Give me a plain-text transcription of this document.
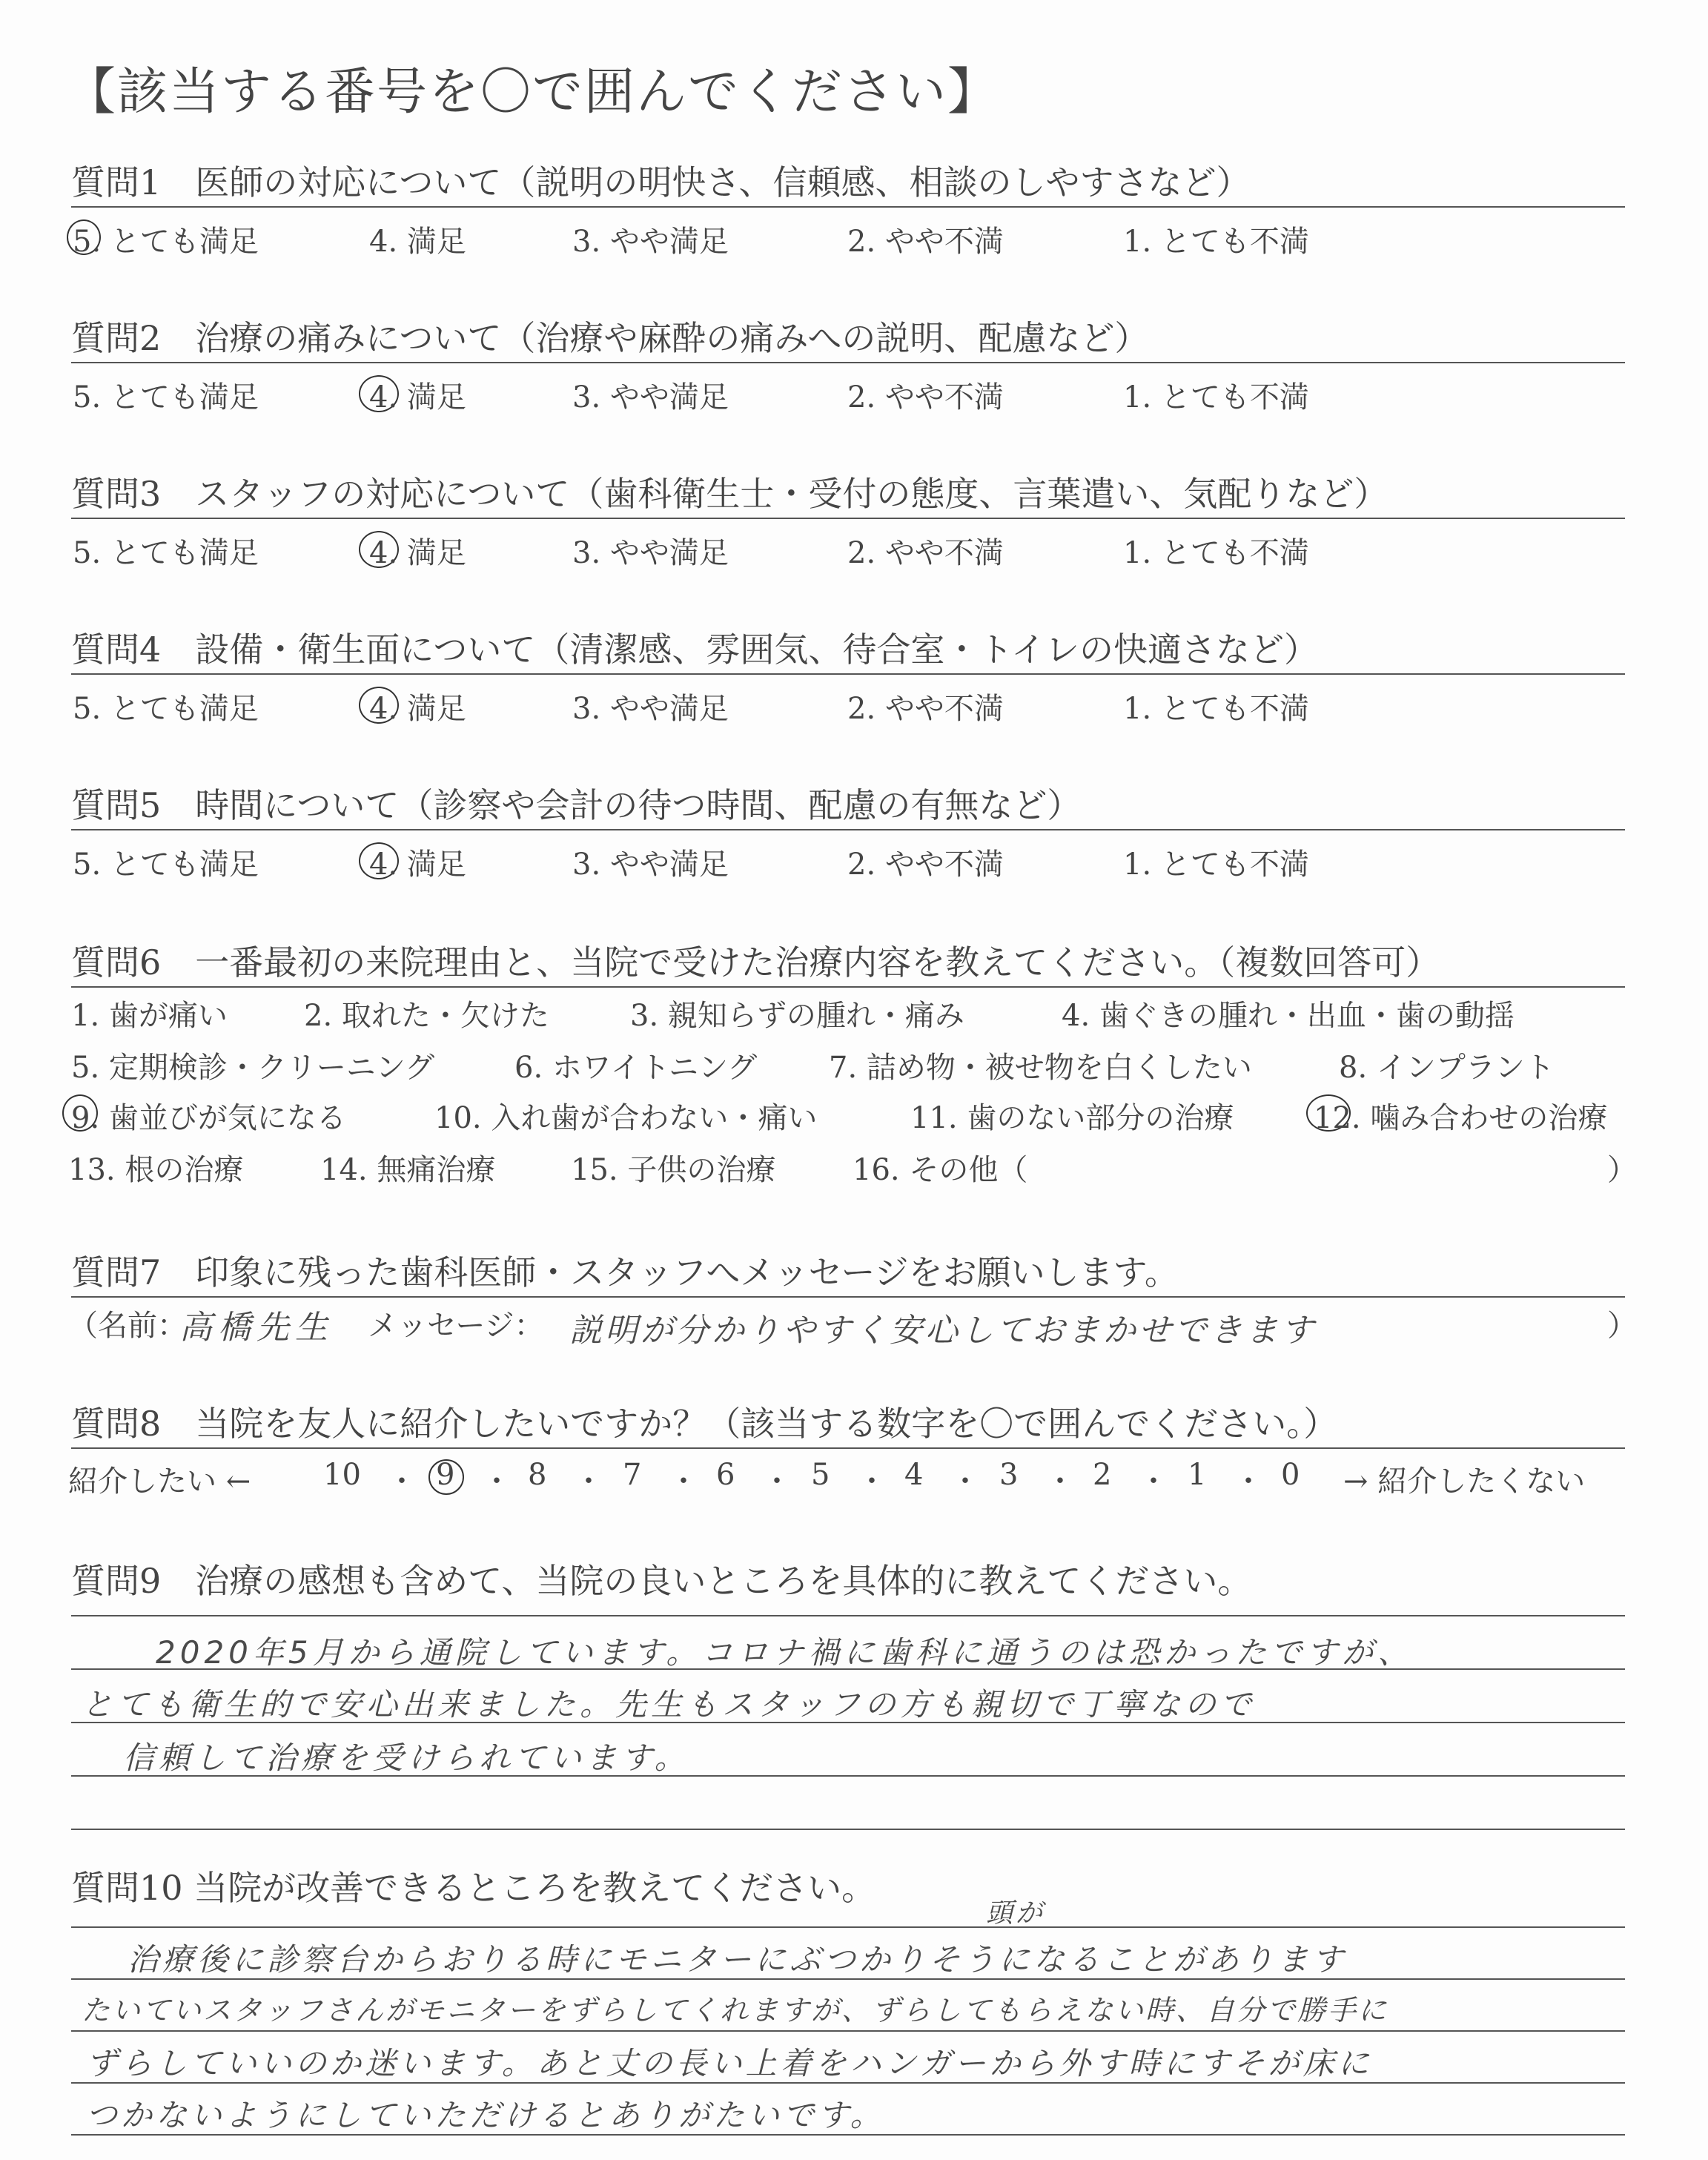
【該当する番号を〇で囲んでください】
質問1　医師の対応について（説明の明快さ、信頼感、相談のしやすさなど）
5. とても満足	4. 満足	3. やや満足	2. やや不満	1. とても不満
質問2　治療の痛みについて（治療や麻酔の痛みへの説明、配慮など）
5. とても満足	4. 満足	3. やや満足	2. やや不満	1. とても不満
質問3　スタッフの対応について（歯科衛生士・受付の態度、言葉遣い、気配りなど）
5. とても満足	4. 満足	3. やや満足	2. やや不満	1. とても不満
質問4　設備・衛生面について（清潔感、雰囲気、待合室・トイレの快適さなど）
5. とても満足	4. 満足	3. やや満足	2. やや不満	1. とても不満
質問5　時間について（診察や会計の待つ時間、配慮の有無など）
5. とても満足	4. 満足	3. やや満足	2. やや不満	1. とても不満
質問6　一番最初の来院理由と、当院で受けた治療内容を教えてください。（複数回答可）
1. 歯が痛い	2. 取れた・欠けた	3. 親知らずの腫れ・痛み	4. 歯ぐきの腫れ・出血・歯の動揺
5. 定期検診・クリーニング	6. ホワイトニング 7. 詰め物・被せ物を白くしたい	8. インプラント
9. 歯並びが気になる	10. 入れ歯が合わない・痛い	11. 歯のない部分の治療	12. 噛み合わせの治療
13. 根の治療	14. 無痛治療	15. 子供の治療	16. その他（	）
質問7　印象に残った歯科医師・スタッフへメッセージをお願いします。
（名前：
高橋先生 メッセージ： 説明が分かりやすく安心しておまかせできます	）
質問8　当院を友人に紹介したいですか？（該当する数字を〇で囲んでください。）
紹介したい ← 10 ・ 9 ・ 8 ・ 7 ・ 6 ・ 5 ・ 4 ・ 3 ・ 2 ・ 1 ・ 0 → 紹介したくない
質問9　治療の感想も含めて、当院の良いところを具体的に教えてください。
2020年5月から通院しています。コロナ禍に歯科に通うのは恐かったですが、
とても衛生的で安心出来ました。先生もスタッフの方も親切で丁寧なので
信頼して治療を受けられています。
質問10 当院が改善できるところを教えてください。
頭が
治療後に診察台からおりる時にモニターにぶつかりそうになることがあります
たいていスタッフさんがモニターをずらしてくれますが、ずらしてもらえない時、自分で勝手に
ずらしていいのか迷います。あと丈の長い上着をハンガーから外す時にすそが床に
つかないようにしていただけるとありがたいです。
